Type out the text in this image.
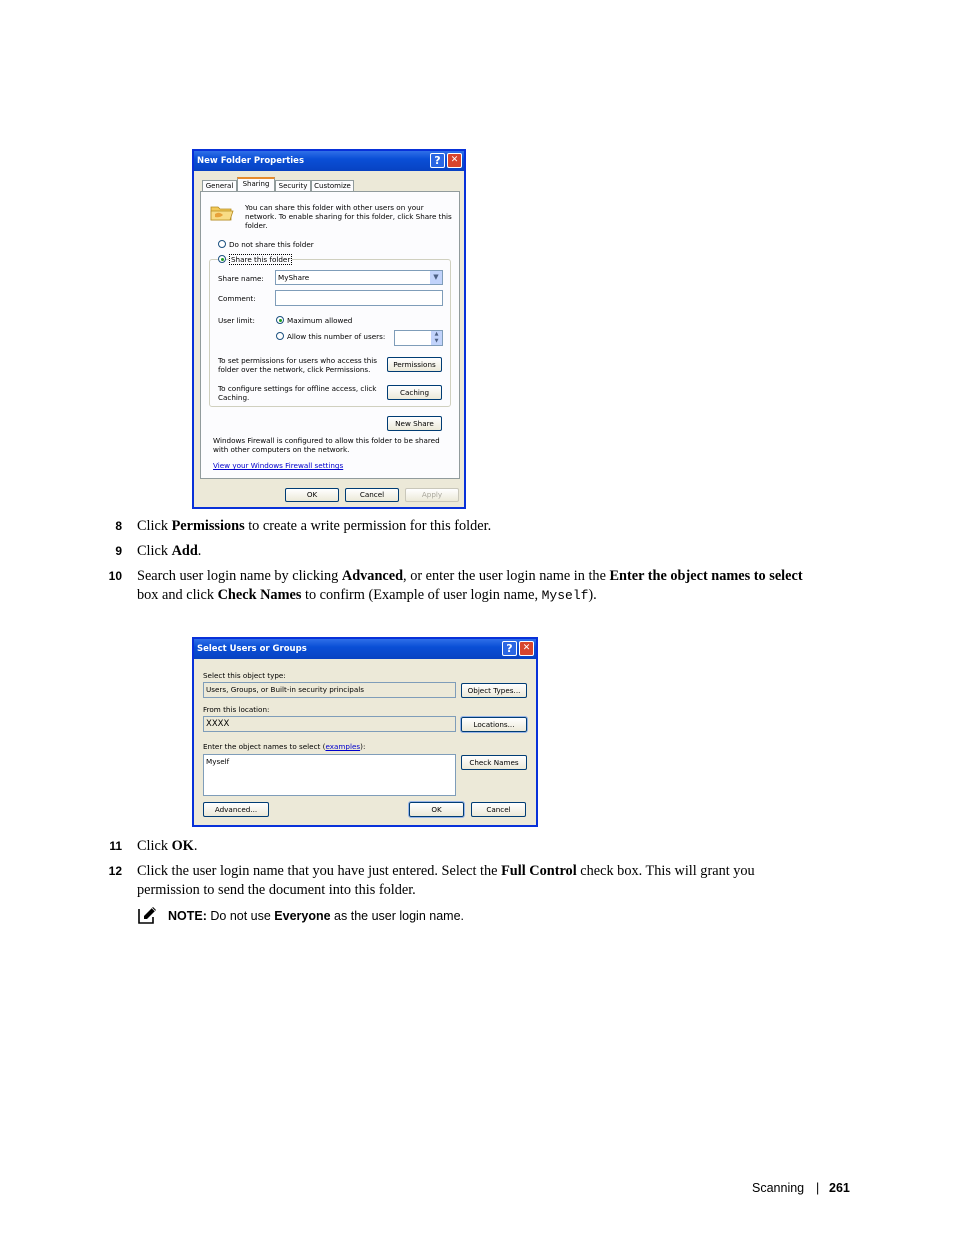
New Folder Properties	?	✕
General	Sharing	Security Customize
You can share this folder with other users on your
network. To enable sharing for this folder, click Share this
folder.
Do not share this folder
Share this folder
Share name:	MyShare	▼
Comment:
User limit:	Maximum allowed
Allow this number of users:	▲
▼
To set permissions for users who access this
folder over the network, click Permissions.
Permissions
To configure settings for offline access, click
Caching.
Caching
New Share
Windows Firewall is configured to allow this folder to be shared
with other computers on the network.
View your Windows Firewall settings
OK	Cancel	Apply
8 Click Permissions to create a write permission for this folder.
9 Click Add.
10 Search user login name by clicking Advanced, or enter the user login name in the Enter the object names to select
box and click Check Names to confirm (Example of user login name, Myself).
Select Users or Groups	?	✕
Select this object type:
Users, Groups, or Built-in security principals	Object Types...
From this location:
XXXX	Locations...
Enter the object names to select (examples):
Myself	Check Names
Advanced...	OK	Cancel
11 Click OK.
12 Click the user login name that you have just entered. Select the Full Control check box. This will grant you
permission to send the document into this folder.
NOTE: Do not use Everyone as the user login name.
Scanning | 261
